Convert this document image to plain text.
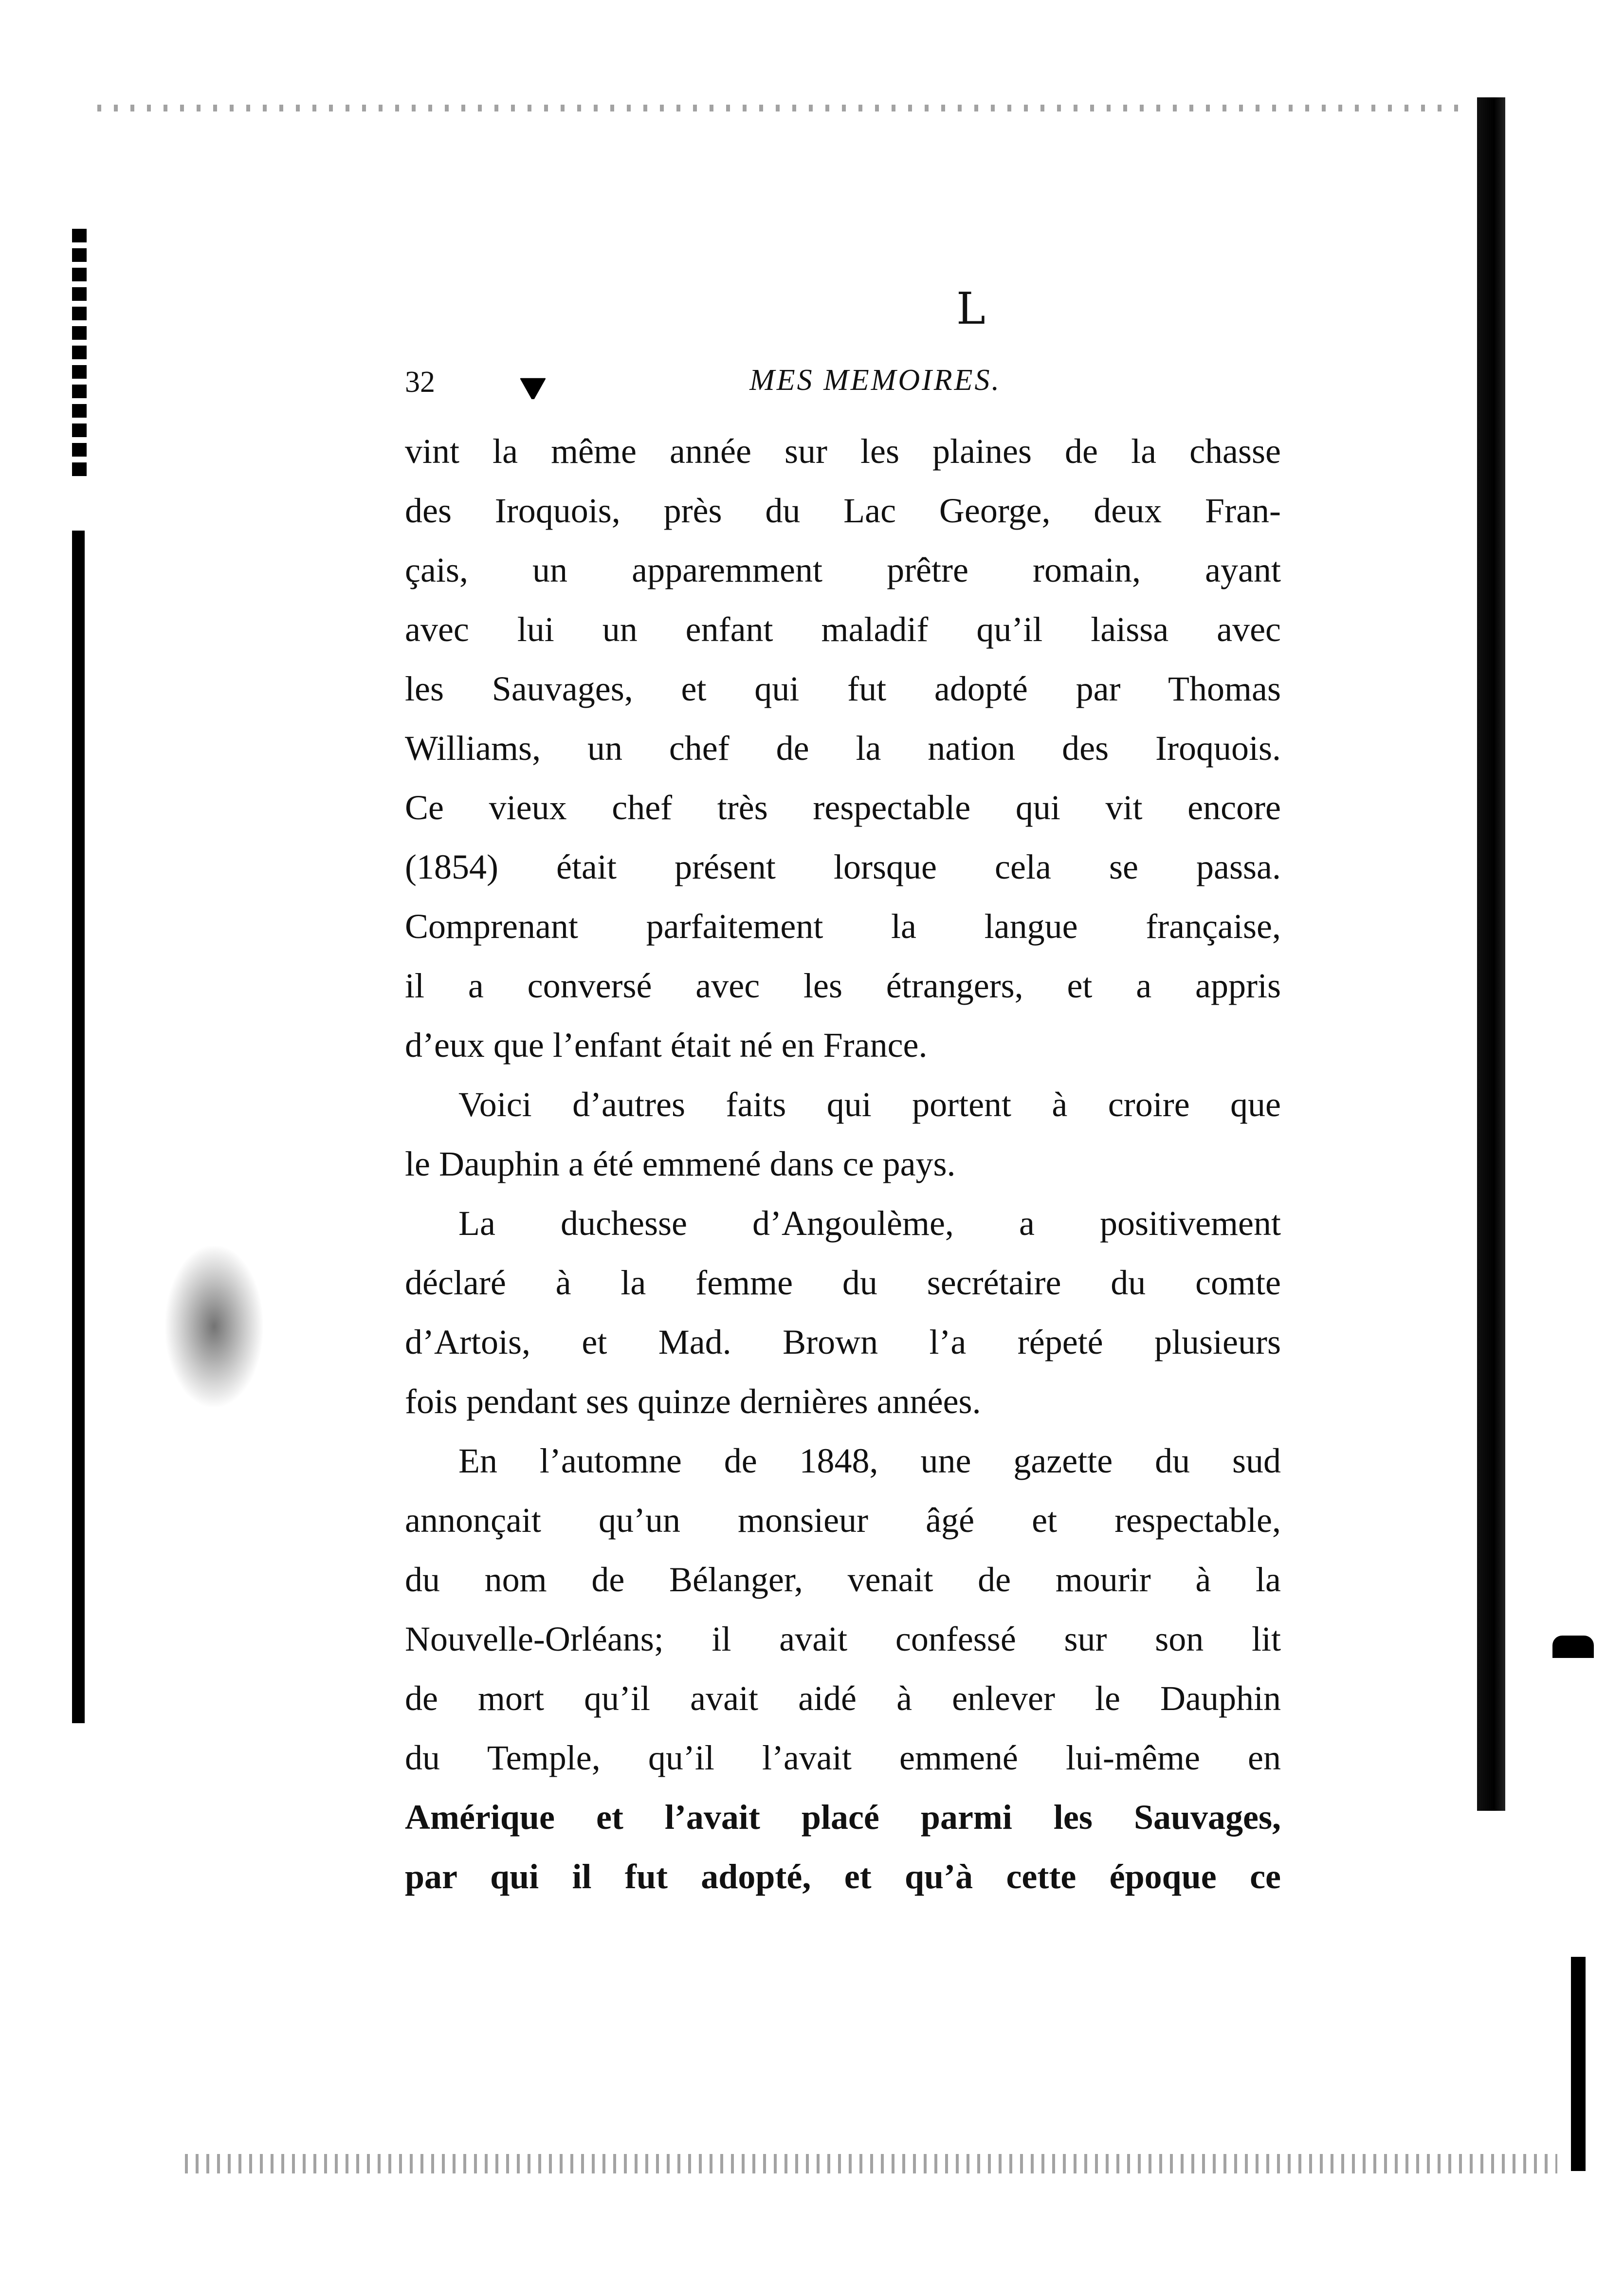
L
32	MES MEMOIRES.
vint la même année sur les plaines de la chasse
des Iroquois, près du Lac George, deux Fran-
çais, un apparemment prêtre romain, ayant
avec lui un enfant maladif qu’il laissa avec
les Sauvages, et qui fut adopté par Thomas
Williams, un chef de la nation des Iroquois.
Ce vieux chef très respectable qui vit encore
(1854) était présent lorsque cela se passa.
Comprenant parfaitement la langue française,
il a conversé avec les étrangers, et a appris
d’eux que l’enfant était né en France.
Voici d’autres faits qui portent à croire que
le Dauphin a été emmené dans ce pays.
La duchesse d’Angoulème, a positivement
déclaré à la femme du secrétaire du comte
d’Artois, et Mad. Brown l’a répeté plusieurs
fois pendant ses quinze dernières années.
En l’automne de 1848, une gazette du sud
annonçait qu’un monsieur âgé et respectable,
du nom de Bélanger, venait de mourir à la
Nouvelle-Orléans; il avait confessé sur son lit
de mort qu’il avait aidé à enlever le Dauphin
du Temple, qu’il l’avait emmené lui-même en
Amérique et l’avait placé parmi les Sauvages,
par qui il fut adopté, et qu’à cette époque ce
